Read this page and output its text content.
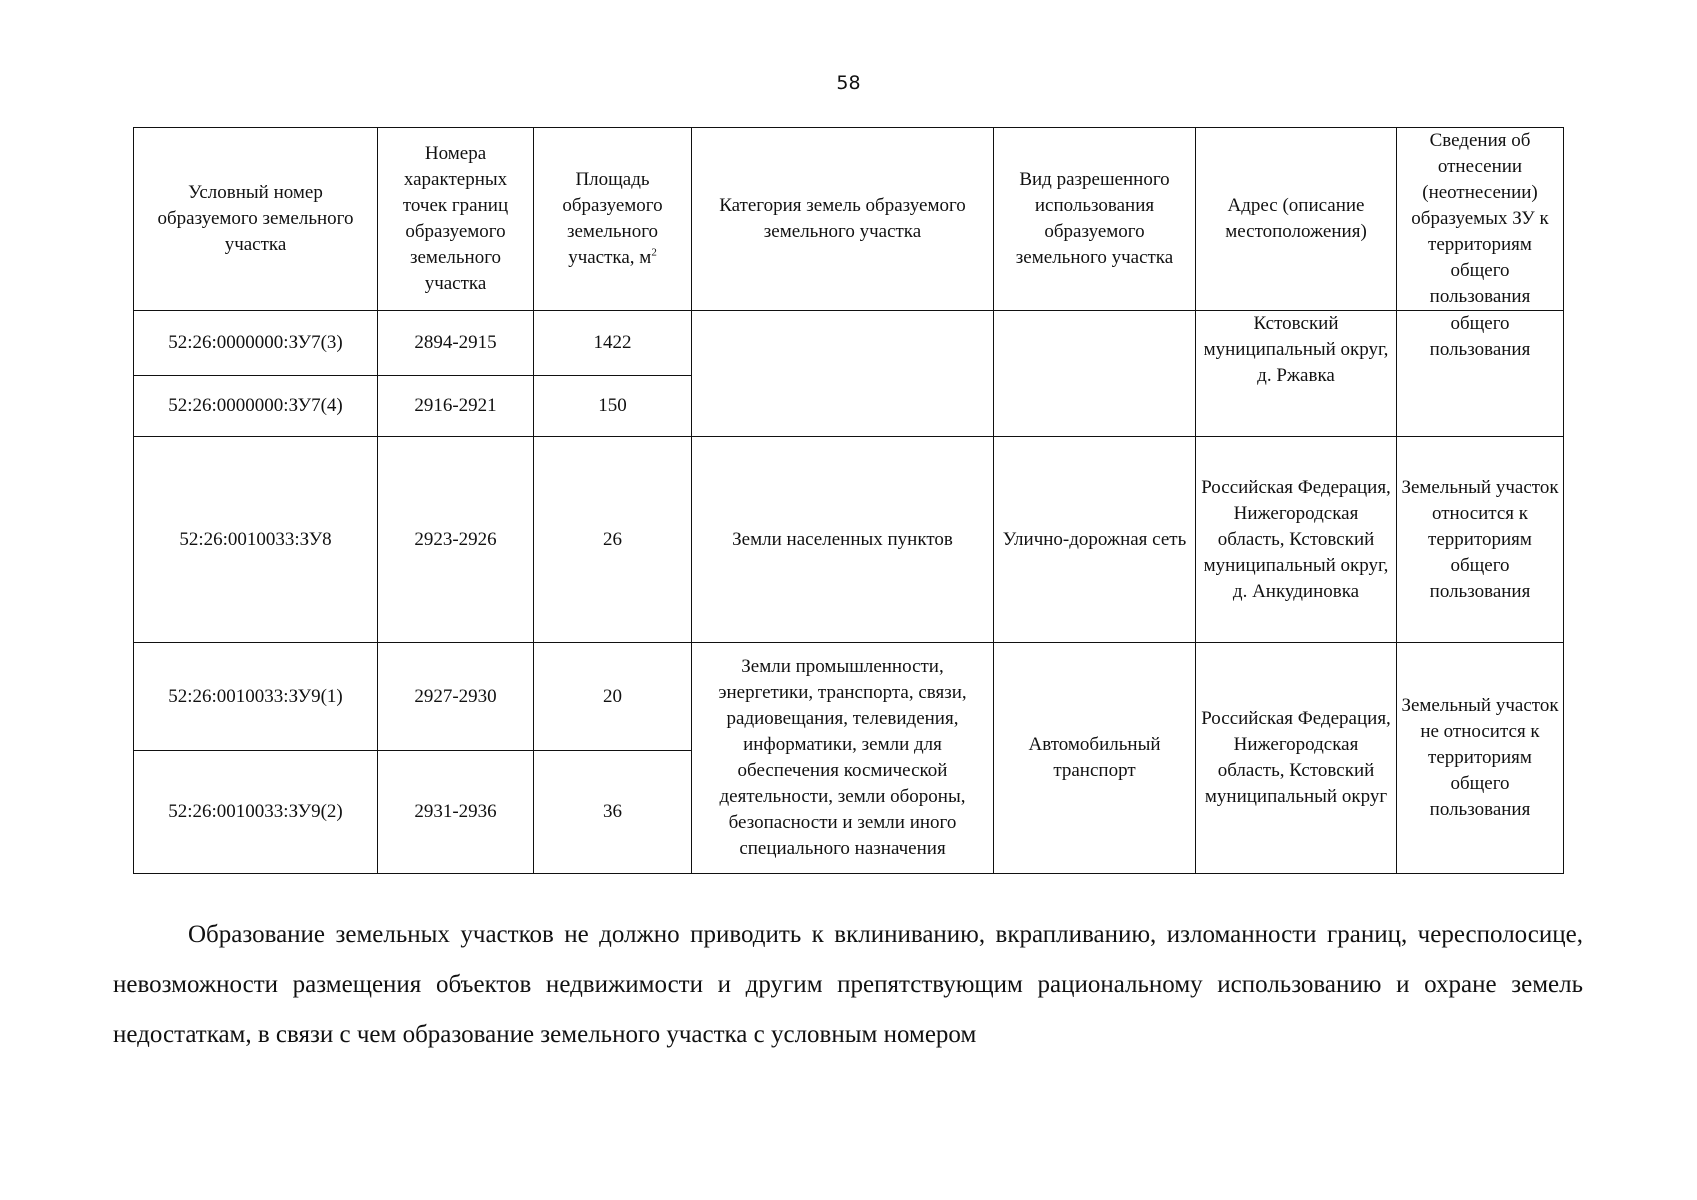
58
Условный номер образуемого земельного участка	Номера характерных точек границ образуемого земельного участка	Площадь образуемого земельного участка, $м^2$	Категория земель образуемого земельного участка	Вид разрешенного использования образуемого земельного участка	Адрес (описание местоположения)	Сведения об отнесении (неотнесении) образуемых ЗУ к территориям общего пользования
52:26:0000000:ЗУ7(3)	2894-2915	1422			Кстовский муниципальный округ, д. Ржавка	общего пользования
52:26:0000000:ЗУ7(4)	2916-2921	150				
52:26:0010033:ЗУ8	2923-2926	26	Земли населенных пунктов	Улично-дорожная сеть	Российская Федерация, Нижегородская область, Кстовский муниципальный округ, д. Анкудиновка	Земельный участок относится к территориям общего пользования
52:26:0010033:ЗУ9(1)	2927-2930	20	Земли промышленности, энергетики, транспорта, связи, радиовещания, телевидения, информатики, земли для обеспечения космической деятельности, земли обороны, безопасности и земли иного специального назначения	Автомобильный транспорт	Российская Федерация, Нижегородская область, Кстовский муниципальный округ	Земельный участок не относится к территориям общего пользования
52:26:0010033:ЗУ9(2)	2931-2936	36				

Образование земельных участков не должно приводить к вклиниванию, вкрапливанию, изломанности границ, чересполосице, невозможности размещения объектов недвижимости и другим препятствующим рациональному использованию и охране земель недостаткам, в связи с чем образование земельного участка с условным номером
